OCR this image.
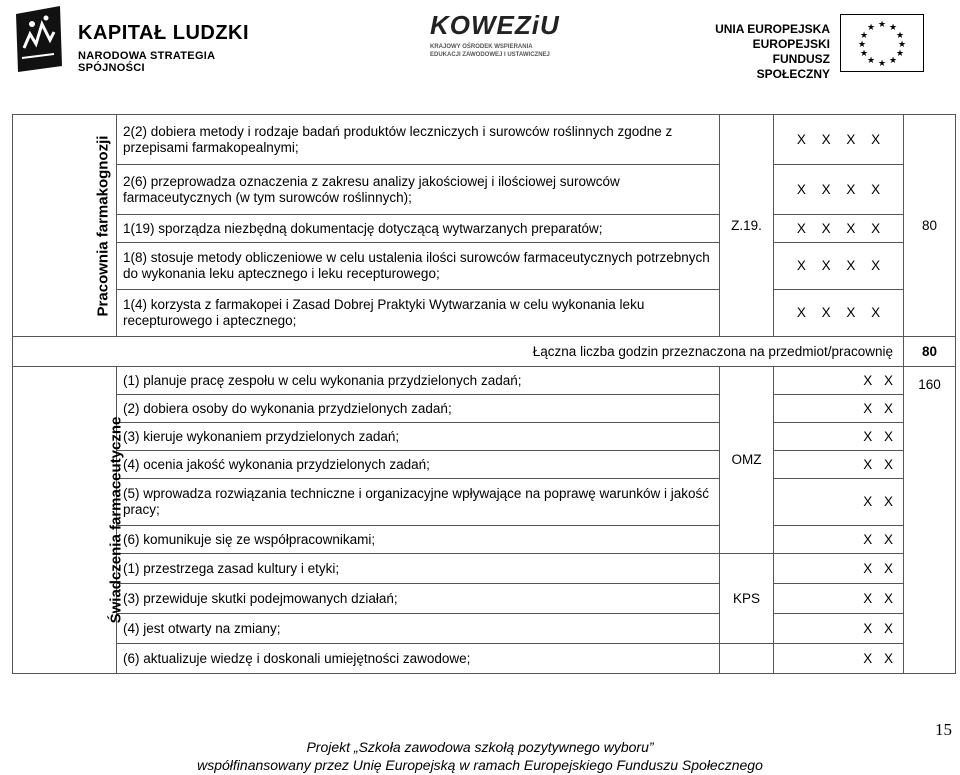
KAPITAŁ LUDZKI
NARODOWA STRATEGIA SPÓJNOŚCI
KOWEZiU
KRAJOWY OŚRODEK WSPIERANIA EDUKACJI ZAWODOWEJ I USTAWICZNEJ
UNIA EUROPEJSKA
EUROPEJSKI
FUNDUSZ SPOŁECZNY
★ ★
★
★
★
★
★
★
★
★
★
★
Pracownia farmakognozji	2(2) dobiera metody i rodzaje badań produktów leczniczych i surowców roślinnych zgodne z przepisami farmakopealnymi;	Z.19.	X X X X	80
	2(6) przeprowadza oznaczenia z zakresu analizy jakościowej i ilościowej surowców farmaceutycznych (w tym surowców roślinnych);		X X X X	
	1(19) sporządza niezbędną dokumentację dotyczącą wytwarzanych preparatów;		X X X X	
	1(8) stosuje metody obliczeniowe w celu ustalenia ilości surowców farmaceutycznych potrzebnych do wykonania leku aptecznego i leku recepturowego;		X X X X	
	1(4) korzysta z farmakopei i Zasad Dobrej Praktyki Wytwarzania w celu wykonania leku recepturowego i aptecznego;		X X X X	
Łączna liczba godzin przeznaczona na przedmiot/pracownię				80
Świadczenia farmaceutyczne	(1) planuje pracę zespołu w celu wykonania przydzielonych zadań;	OMZ	X X	160
	(2) dobiera osoby do wykonania przydzielonych zadań;		X X	
	(3) kieruje wykonaniem przydzielonych zadań;		X X	
	(4) ocenia jakość wykonania przydzielonych zadań;		X X	
	(5) wprowadza rozwiązania techniczne i organizacyjne wpływające na poprawę warunków i jakość pracy;		X X	
	(6) komunikuje się ze współpracownikami;		X X	
	(1) przestrzega zasad kultury i etyki;	KPS	X X	
	(3) przewiduje skutki podejmowanych działań;		X X	
	(4) jest otwarty na zmiany;		X X	
	(6) aktualizuje wiedzę i doskonali umiejętności zawodowe;		X X	
15
Projekt „Szkoła zawodowa szkołą pozytywnego wyboru”
współfinansowany przez Unię Europejską w ramach Europejskiego Funduszu Społecznego
